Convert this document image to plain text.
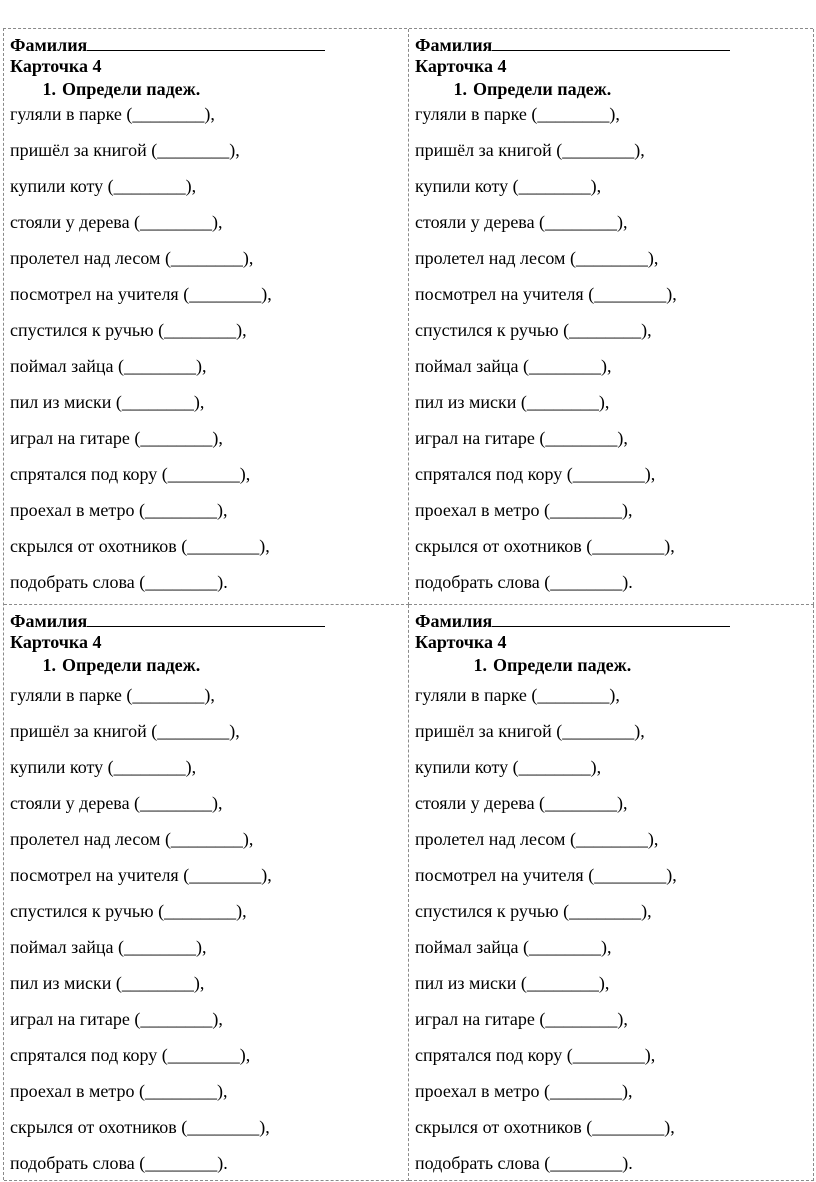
Фамилия
Карточка 4
1. Определи падеж.
гуляли в парке (________),
пришёл за книгой (________),
купили коту (________),
стояли у дерева (________),
пролетел над лесом (________),
посмотрел на учителя (________),
спустился к ручью (________),
поймал зайца (________),
пил из миски (________),
играл на гитаре (________),
спрятался под кору (________),
проехал в метро (________),
скрылся от охотников (________),
подобрать слова (________).
Фамилия
Карточка 4
1. Определи падеж.
гуляли в парке (________),
пришёл за книгой (________),
купили коту (________),
стояли у дерева (________),
пролетел над лесом (________),
посмотрел на учителя (________),
спустился к ручью (________),
поймал зайца (________),
пил из миски (________),
играл на гитаре (________),
спрятался под кору (________),
проехал в метро (________),
скрылся от охотников (________),
подобрать слова (________).
Фамилия
Карточка 4
1. Определи падеж.
гуляли в парке (________),
пришёл за книгой (________),
купили коту (________),
стояли у дерева (________),
пролетел над лесом (________),
посмотрел на учителя (________),
спустился к ручью (________),
поймал зайца (________),
пил из миски (________),
играл на гитаре (________),
спрятался под кору (________),
проехал в метро (________),
скрылся от охотников (________),
подобрать слова (________).
Фамилия
Карточка 4
1. Определи падеж.
гуляли в парке (________),
пришёл за книгой (________),
купили коту (________),
стояли у дерева (________),
пролетел над лесом (________),
посмотрел на учителя (________),
спустился к ручью (________),
поймал зайца (________),
пил из миски (________),
играл на гитаре (________),
спрятался под кору (________),
проехал в метро (________),
скрылся от охотников (________),
подобрать слова (________).
